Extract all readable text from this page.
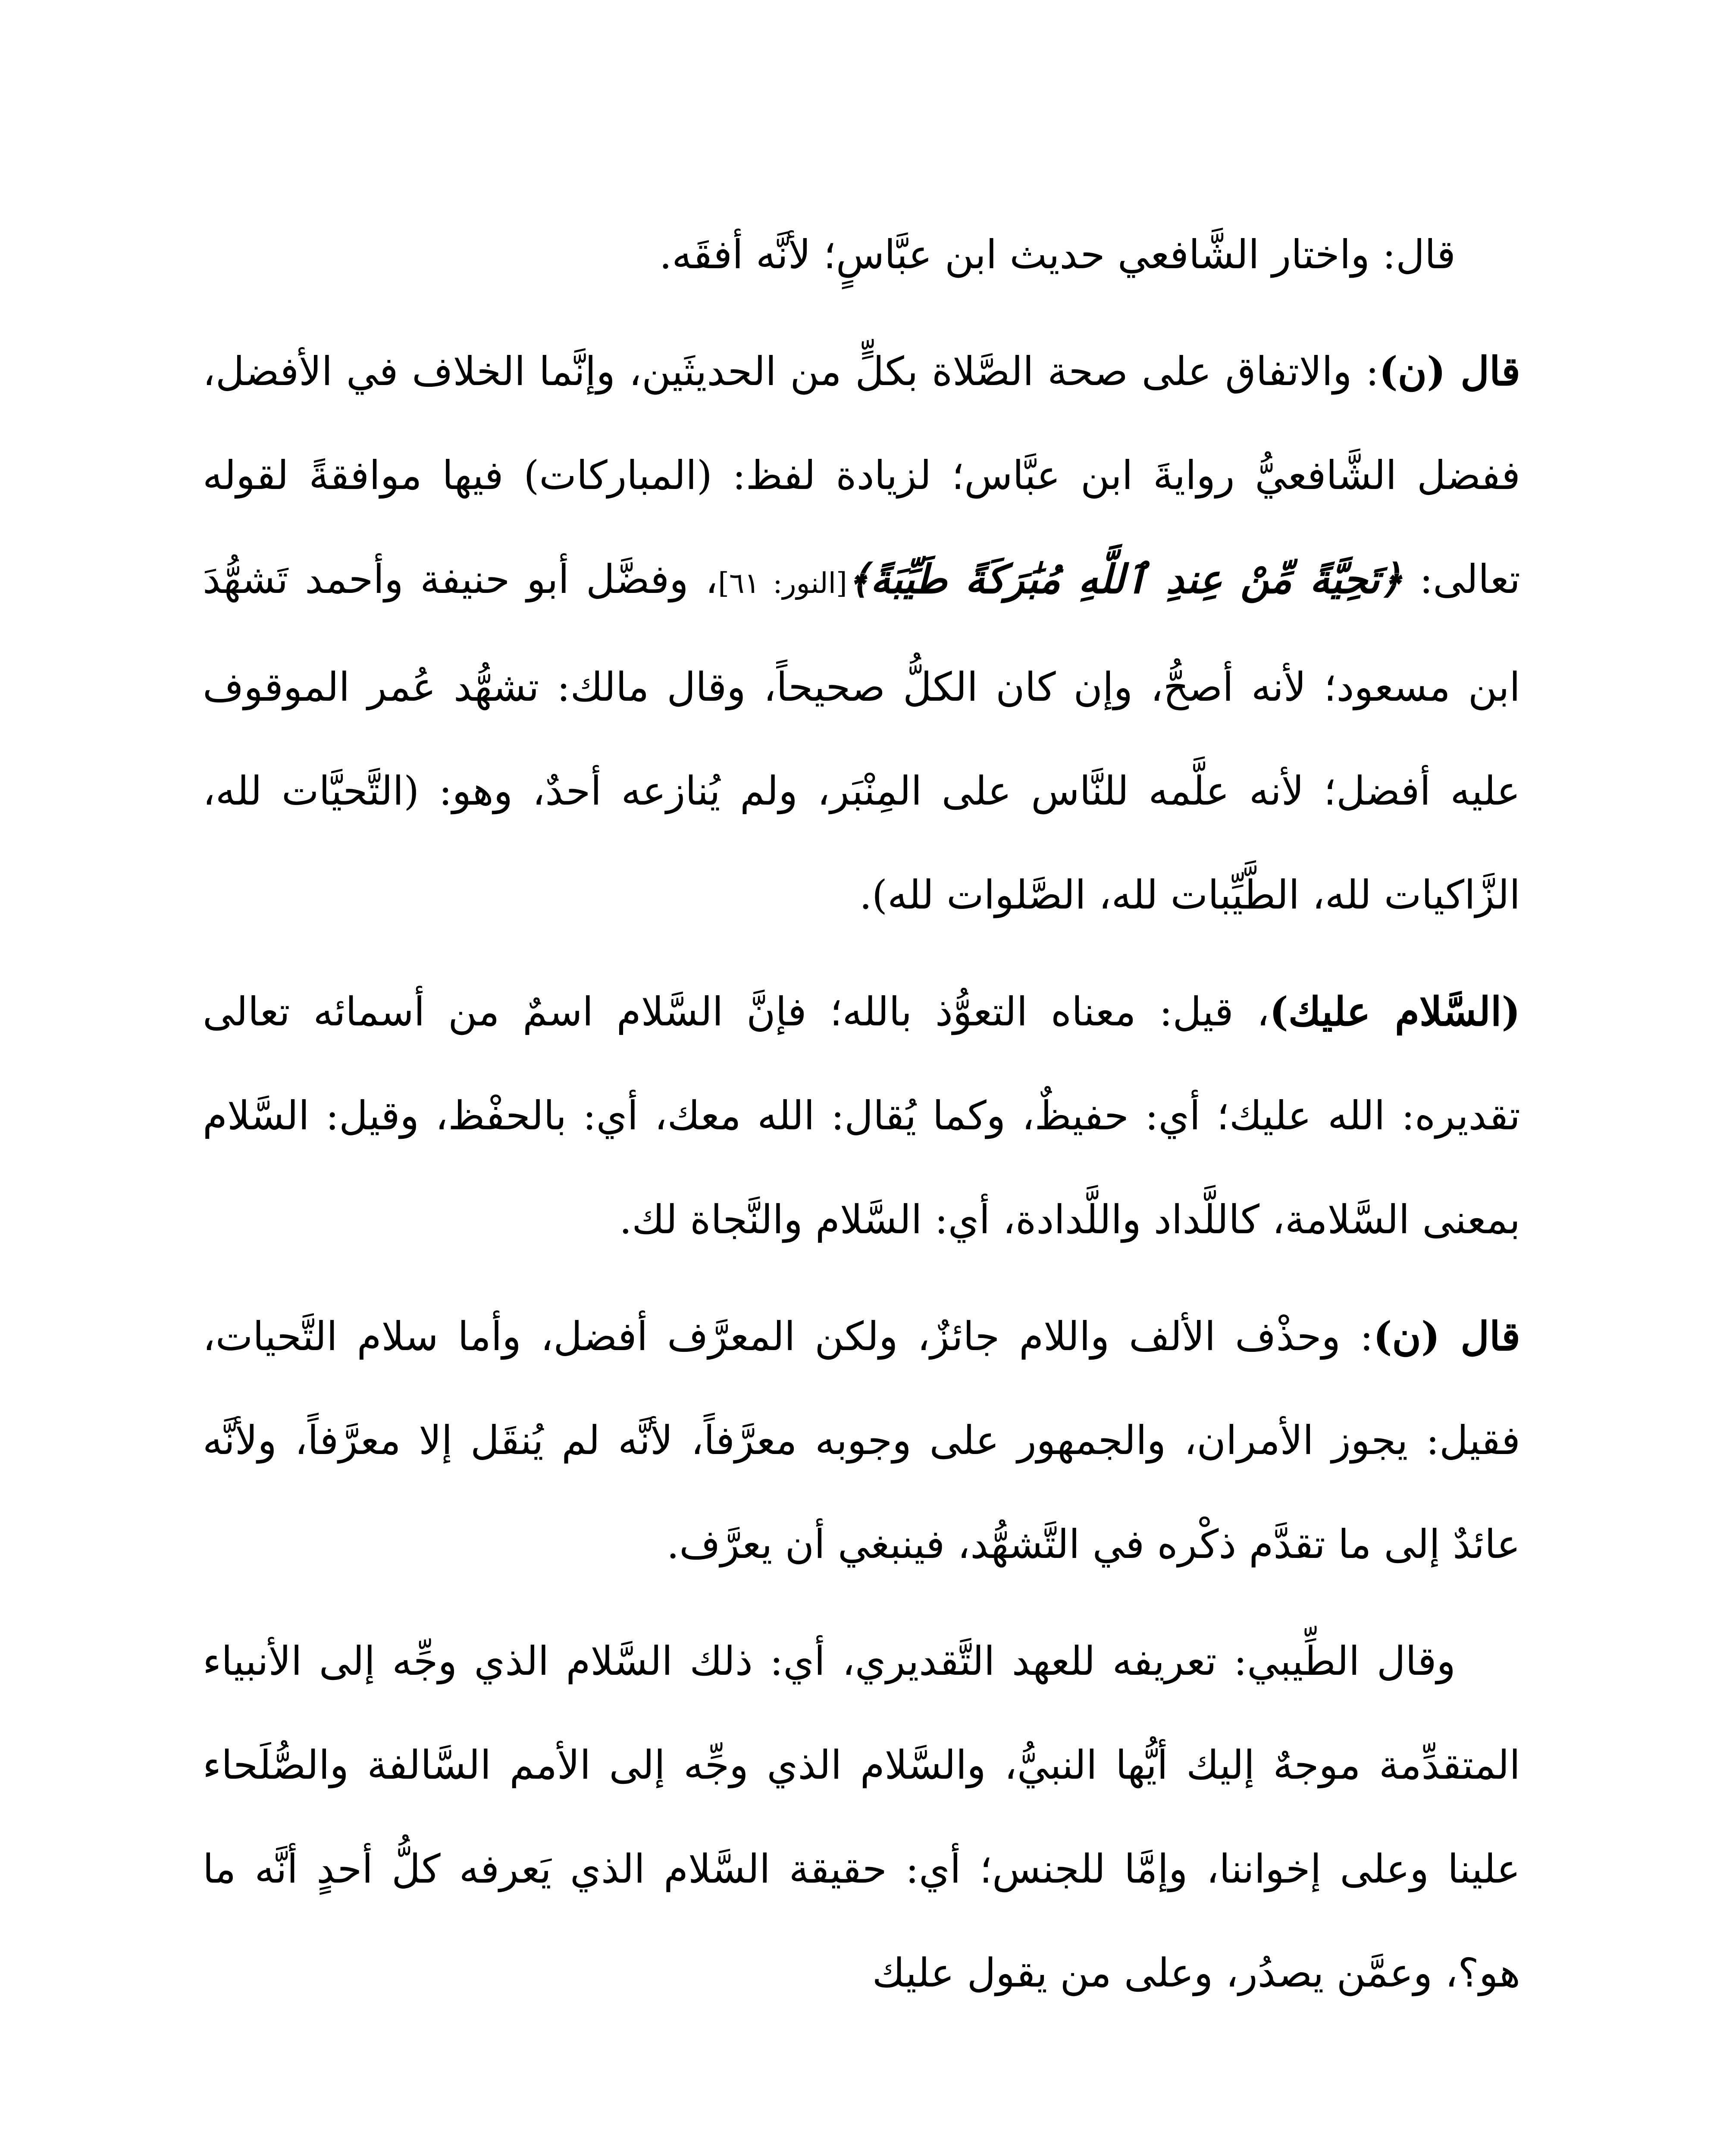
قال: واختار الشَّافعي حديث ابن عبَّاسٍ؛ لأنَّه أفقَه.

قال (ن): والاتفاق على صحة الصَّلاة بكلٍّ من الحديثَين، وإنَّما الخلاف في الأفضل، ففضل الشَّافعيُّ روايةَ ابن عبَّاس؛ لزيادة لفظ: (المباركات) فيها موافقةً لقوله تعالى: ﴿تَحِيَّةً مِّنْ عِندِ ٱللَّهِ مُبَٰرَكَةً طَيِّبَةً﴾[النور: ٦١]، وفضَّل أبو حنيفة وأحمد تَشهُّدَ ابن مسعود؛ لأنه أصحُّ، وإن كان الكلُّ صحيحاً، وقال مالك: تشهُّد عُمر الموقوف عليه أفضل؛ لأنه علَّمه للنَّاس على المِنْبَر، ولم يُنازعه أحدٌ، وهو: (التَّحيَّات لله، الزَّاكيات لله، الطَّيِّبات لله، الصَّلوات لله).

(السَّلام عليك)، قيل: معناه التعوُّذ بالله؛ فإنَّ السَّلام اسمٌ من أسمائه تعالى تقديره: الله عليك؛ أي: حفيظٌ، وكما يُقال: الله معك، أي: بالحفْظ، وقيل: السَّلام بمعنى السَّلامة، كاللَّداد واللَّدادة، أي: السَّلام والنَّجاة لك.

قال (ن): وحذْف الألف واللام جائزٌ، ولكن المعرَّف أفضل، وأما سلام التَّحيات، فقيل: يجوز الأمران، والجمهور على وجوبه معرَّفاً، لأنَّه لم يُنقَل إلا معرَّفاً، ولأنَّه عائدٌ إلى ما تقدَّم ذكْره في التَّشهُّد، فينبغي أن يعرَّف.

وقال الطِّيبي: تعريفه للعهد التَّقديري، أي: ذلك السَّلام الذي وجِّه إلى الأنبياء المتقدِّمة موجهٌ إليك أيُّها النبيُّ، والسَّلام الذي وجِّه إلى الأمم السَّالفة والصُّلَحاء علينا وعلى إخواننا، وإمَّا للجنس؛ أي: حقيقة السَّلام الذي يَعرفه كلُّ أحدٍ أنَّه ما هو؟، وعمَّن يصدُر، وعلى من يقول عليك
